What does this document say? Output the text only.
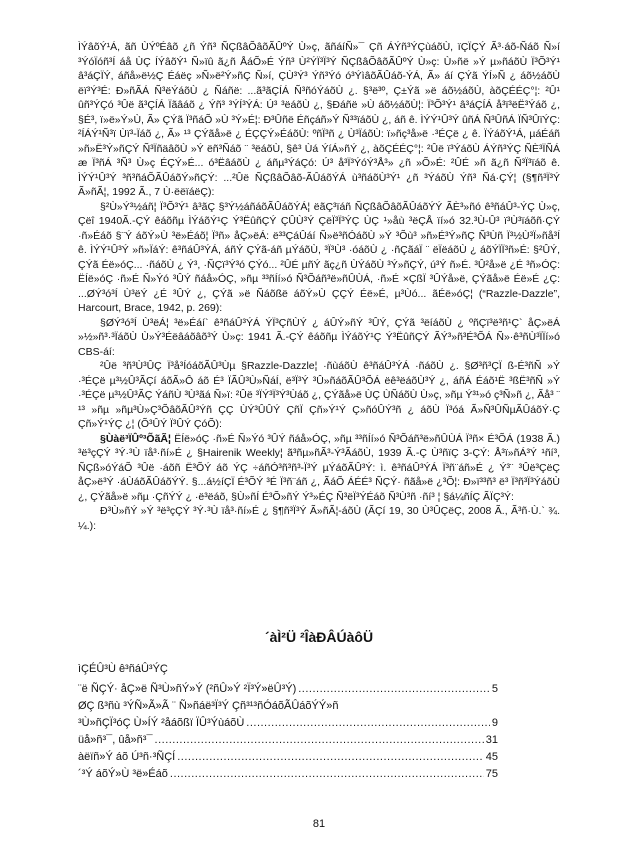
ÌÝâõÝ¹Á, ãñ ÙÝºÉâõ ¿ñ Ýñ³ ÑÇßâÕâõÃÛºÝ Ù»ç, ãñáíÑ»¯ Çñ ÁÝñ³ÝÇùáõÙ, ïÇÏÇÝ Ã³·áõ-Ñáõ Ñ»í ³ÝóÏóñ³Í áå ÙÇ ÍÝâõÝ¹ Ñ»ïû ã¿ñ ÅáÕ»É Ýñ³ Ù²ÝÏ³Ï³Ý ÑÇßâÕâõÃÛºÝ Ù»ç: Ù»ñë »Ý µ»ñáõÙ Ï³Õ³Ý¹ â³áÇÏÝ, áñå»ë½Ç Éáëç »Ñ»ë²Ý»ñÇ Ñ»í, ÇÙ³Ý³ Ýñ³Ýó ó³ÝìâõÃÛáõ-ÝÁ, Ã» áí ÇÝã ÝÍ»Ñ ¿ áõ½áõÙ ëï³Ý³É: Ð»ñÃÁ Ñ³ëÝáõÙ ¿ Ñáñë: ...ã³ãÇÍÁ Ñ³ñóÝáõÙ ¿. §³ë³º, Ç±Ýã »ë áõ½áõÙ, àõÇÉÉÇ°¦: ²Û¹ ûñ³ÝÇó ³Ûë ã³ÇÍÁ Ïãâáõ ¿ Ýñ³ ³ÝÍ³ÝÁ: Ú³ ³ëáõÙ ¿, §Ðáñë »Ù áõ½áõÙ¦: Ï³Õ³Ý¹ â³áÇÍÁ å³ï³ëË³Ýáõ ¿, §É³, ï»ë»Ý»Ù, Ã» ÇÝã Ï³ñáÕ »Ù ³Ý»É¦: Ð³Ûñë Éñçáñ»Ý Ñ³³ïáõÙ ¿, áñ ê. ÌÝÝ¹Û³Ý ûñÁ Ñ³ÛñÁ ÏÑ³ÛïÝÇ: ²ÍÁÝ¹Ñ³ï Ùï³-Ïáõ ¿, Ã» ¹³ ÇÝãå»ë ¿ ÉÇÇÝ»ÉáõÙ: ºñÏ³ñ ¿ Ù³ÏáõÙ: ï»ñç³å»ë ·³ÉÇë ¿ ê. ÏÝáõÝ¹Á, µáÉáñ »ñ»Ë³Ý»ñÇÝ Ñ³ÏñäâõÙ »Ý ëñ³Ñáõ ¨ ³ëáõÙ, §ê³ Ùá ÝíÁ»ñÝ ¿, àõÇÉÉÇ°¦: ²Ûë ï³ÝáõÙ ÁÝñ³ÝÇ ÑÈ³ÏÑÁ æ Ï³ñÁ ³Ñ³ Ù»ç ÉÇÝ»É... ó³ËâáõÙ ¿ áñµ³ÝáÇó: Ú³ å³Ï³ÝóÝ³Å³» ¿ñ »Õ»É: ²ÛÉ »ñ ã¿ñ Ñ³Ï³ïáõ ê. ÌÝÝ¹Û³Ý ³ñ³ñáÕÃÛáõÝ»ñÇÝ: ...²Ûë ÑÇßâÕâõ-ÃÛáõÝÁ ù³ñáõÙ³Ý¹ ¿ñ ³ÝáõÙ Ýñ³ Ñá·ÇÝ¦ (§¶ñ³Ï³Ý Ã»ñÃ¦, 1992 Ã., 7 Ù·ëëïáëÇ):

§²Ù»Ý³½áñ¦ Ï³Õ³Ý¹ â³ãÇ §³Ý½áñáõÃÛáõÝÁ¦ ëãÇ³ïáñ ÑÇßâÕâõÃÛáõÝÝ ÃÈ³»ñó ê³ñáÛ³-ÝÇ Ù»ç, Çëî 1940Ã.-ÇÝ êáõñµ ÌÝáõÝ¹Ç Ý³ËûñÇÝ ÇÛÙ³Ý ÇëÏ³Ï³ÝÇ ÙÇ ¹»åù ³ëÇÅ ïí»ó 32.³Ù-Û³ ï³Ù³ïáõñ·ÇÝ ·ñ»Éáõ §¨Ý áõÝ»Ù ³ë»Éáõ¦ Ï³ñ» åÇ»ëÁ: ë³³ÇáÛáí Ñ»ë³ñÓáõÙ »Ý ³Õù³ »ñ»É³Ý»ñÇ Ñ³Ùñ Ï³½Ù³Ï»ñå³Í ê. ÌÝÝ¹Û³Ý »ñ»ÏáÝ: ê³ñáÛ³ÝÁ, áñÝ ÇÝã-áñ µÝáõÙ, ³Ï³Ù³ ·óáõÙ ¿ ·ñÇãáÏ ¨ ëÏëáõÙ ¿ áõÝÏÏ³ñ»É: §²ÛÝ, ÇÝã Éë»óÇ... ·ñáõÙ ¿ Ý³, ·ÑÇï³Ý³ó ÇÝó... ²ÛÉ µñÝ ãç¿ñ ÙÝáõÙ ³Ý»ñÇÝ, ú³Ý ñ»É. ³Û²å»ë ¿É ³ñ»ÓÇ: ËÍë»óÇ ·ñ»É Ñ»Ýó ³ÛÝ ñáå»ÓÇ, »ñµ ³³ñÍí»ó Ñ³Õáñ³ë»ñÛÙÁ, ·ñ»É ×ÇßÏ ³ÛÝå»ë, ÇÝãå»ë Éë»É ¿Ç: ...ØÝ³ó³Í Ù³ëÝ ¿É ³ÛÝ ¿, ÇÝã »ë Ñáõßë áõÝ»Ù ÇÇÝ Éë»É, µ³Ùó... ãÉë»óÇ¦ (“Razzle-Dazzle”, Harcourt, Brace, 1942, p. 269):

§ØÝ³ó³Í Ù³ëÁ¦ ³ë»Éáí` ê³ñáÛ³ÝÁ ÝÏ³ÇñÙÝ ¿ áÛÝ»ñÝ ³ÛÝ, ÇÝã ³ëíáõÙ ¿ ºñÇï³ë³ñ¹Ç` åÇ»ëÁ »½»ñ³·³ÏáõÙ Ù»Ý³Éëâáõâõ³Ý Ù»ç: 1941 Ã.-ÇÝ êáõñµ ÌÝáõÝ¹Ç Ý³ËûñÇÝ ÃÝ³»ñ³É³ÕÁ Ñ»·ê³ñÙ³ÏÏí»ó CBS-áí:

²Ûë ³ñ³Ù³ÛÇ Ï³å³ÍóáõÃÛ³Ùµ §Razzle-Dazzle¦ ·ñùáõÙ ê³ñáÛ³ÝÁ ·ñáõÙ ¿. §Ø³ñ³ÇÏ ß-É³ñÑ »Ý ·³ÉÇë µ³½Û³ÃÇí áõÃ»Ô áõ É³ ÏÃÛ³Ù»ÑáÍ, ë³Ï³Ý ³Û»ñáõÃÛ³ÕÁ ëê³ëáõÙ³Ý ¿, áñÁ Éáõ¹Ë ³ßË³ñÑ »Ý ·³ÉÇë µ³½Û³ÃÇ ÝáñÙ ³Ù³ãá Ñ»ï: ²Ûë ³ÏÝ³Ï³Ý³Ùáõ ¿, ÇÝãå»ë ÙÇ ÙÑáõÙ Ù»ç, »ñµ Ý³¹»ó ç³Ñ»ñ ¿, Ãå³ ¨ ¹³ »ñµ »ñµ³Ù»Ç³ÕâõÃÛ³Ýñ ÇÇ ÙÝ³ÛÛÝ ÇñÏ Çñ»Ý¹Ý Ç»ñóÛÝ³ñ ¿ áõÙ Ï³óá Ã»Ñ³ÛÑµÃÛáõÝ·Ç Çñ»Ý¹ÝÇ ¿¦ (Õ³ÛÝ Ï³ÛÝ ÇóÕ):

§Ùàë³ÏÛº³ÕãÃ¦ ËÍë»óÇ ·ñ»É Ñ»Ýó ³ÛÝ ñáå»ÓÇ, »ñµ ³³ñÍí»ó Ñ³Õáñ³ë»ñÛÙÁ Ï³ñ× É³ÕÁ (1938 Ã.) ³ë³çÇÝ ³Ý·³Ù ïå³·ñí»É ¿ §Hairenik Weekly¦ ã³ñµ»ñÃ³-Ý³ÃáõÙ, 1939 Ã.-Ç Ù³ñïÇ 3-ÇÝ: Å³ï»ñÁ³Ý ¹ñí³, ÑÇß»óÝáÕ ³Ûë ·áõñ Ë³ÕÝ áõ ÝÇ ÷áñÓ³ñ³ñ³-Ï³Ý µÝáõÃÛ³Ý: ì. ê³ñáÛ³ÝÁ Ï³ñ¨áñ»É ¿ Ý³¨ ³Ûë³ÇëÇ åÇ»ë³Ý ·áÙáõÃÛáõÝÝ. §...á½íÇÏ É³ÕÝ ³É Ï³ñ¨áñ ¿, ÃáÕ ÁÉÉ³ ÑÇÝ· ñãå»ë ¿³Õ¦: Ð»ï³³ñ³ ë³ Ï³ñ³Ï³ÝáõÙ ¿, ÇÝãå»ë »ñµ ·ÇñÝÝ ¿ ·ë³ëáõ, §Ù»ñÍ É³Õ»ñÝ Ý³»ÉÇ Ñ³ëÏ³ÝÉáõ Ñ³Ù³ñ ·ñí³ ¦ §á¼ñÍÇ ÃÏÇ³Ý:

Ð³Ù»ñÝ »Ý ³ë³çÇÝ ³Ý·³Ù ïå³·ñí»É ¿ §¶ñ³Ï³Ý Ã»ñÃ¦-áõÙ (ÃÇí 19, 30 Ù³ÛÇëÇ, 2008 Ã., Ã³ñ·Ù.` ¾. ¼.):

´àÌ²Ü ²ÎàÐÂÚàôÜ

ìÇÉÛ³Ù ê³ñáÛ³ÝÇ

¨ë ÑÇÝ· åÇ»ë Ñ³Ù»ñÝ»Ý (²ñÛ»Ý ²Ï³Ý»ëÛ³Ý) .....	5
ØÇ ß³ñù ³ÝÑ»Ã»Ã ¨ Ñ»ñáë³Ï³Ý Çñ³¹³ñÓáõÃÛáõÝÝ»ñ
³Ù»ñÇÏ³óÇ Ù»ÍÝ ²åáõßï ÏÛ³ÝùáõÙ .....	9
üå»ñ³¯, ûå»ñ³¯ .....	31
àëïñ»Ý áõ Ú³ñ·³ÑÇÍ .....	45
´³Ý áõÝ»Ù ³ë»Éáõ .....	75
81
